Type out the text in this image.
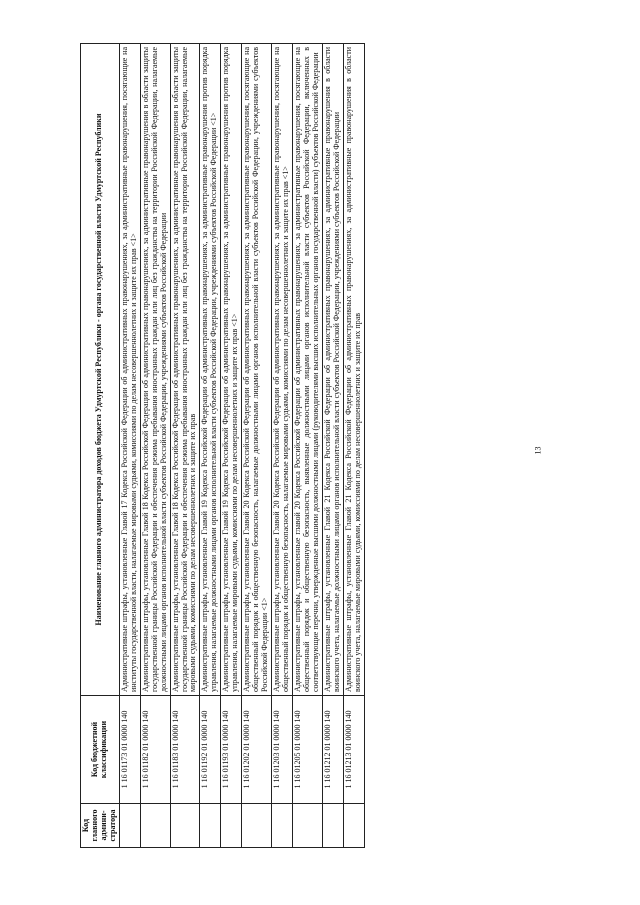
13
Код главного админи-стратора	Код бюджетной классификации	Наименование главного администратора доходов бюджета Удмуртской Республики - органа государственной власти Удмуртской Республики
	1 16 01173 01 0000 140	Административные штрафы, установленные Главой 17 Кодекса Российской Федерации об административных правонарушениях, за административные правонарушения, посягающие на институты государственной власти, налагаемые мировыми судьями, комиссиями по делам несовершеннолетних и защите их прав <1>
	1 16 01182 01 0000 140	Административные штрафы, установленные Главой 18 Кодекса Российской Федерации об административных правонарушениях, за административные правонарушения в области защиты государственной границы Российской Федерации и обеспечения режима пребывания иностранных граждан или лиц без гражданства на территории Российской Федерации, налагаемые должностными лицами органов исполнительной власти субъектов Российской Федерации, учреждениями субъектов Российской Федерации
	1 16 01183 01 0000 140	Административные штрафы, установленные Главой 18 Кодекса Российской Федерации об административных правонарушениях, за административные правонарушения в области защиты государственной границы Российской Федерации и обеспечения режима пребывания иностранных граждан или лиц без гражданства на территории Российской Федерации, налагаемые мировыми судьями, комиссиями по делам несовершеннолетних и защите их прав
	1 16 01192 01 0000 140	Административные штрафы, установленные Главой 19 Кодекса Российской Федерации об административных правонарушениях, за административные правонарушения против порядка управления, налагаемые должностными лицами органов исполнительной власти субъектов Российской Федерации, учреждениями субъектов Российской Федерации <1>
	1 16 01193 01 0000 140	Административные штрафы, установленные Главой 19 Кодекса Российской Федерации об административных правонарушениях, за административные правонарушения против порядка управления, налагаемые мировыми судьями, комиссиями по делам несовершеннолетних и защите их прав <1>
	1 16 01202 01 0000 140	Административные штрафы, установленные Главой 20 Кодекса Российской Федерации об административных правонарушениях, за административные правонарушения, посягающие на общественный порядок и общественную безопасность, налагаемые должностными лицами органов исполнительной власти субъектов Российской Федерации, учреждениями субъектов Российской Федерации <1>
	1 16 01203 01 0000 140	Административные штрафы, установленные Главой 20 Кодекса Российской Федерации об административных правонарушениях, за административные правонарушения, посягающие на общественный порядок и общественную безопасность, налагаемые мировыми судьями, комиссиями по делам несовершеннолетних и защите их прав <1>
	1 16 01205 01 0000 140	Административные штрафы, установленные главой 20 Кодекса Российской Федерации об административных правонарушениях, за административные правонарушения, посягающие на общественный порядок и общественную безопасность, выявленные должностными лицами органов исполнительной власти субъектов Российской Федерации, включенных в соответствующие перечни, утвержденные высшими должностными лицами (руководителями высших исполнительных органов государственной власти) субъектов Российской Федерации
	1 16 01212 01 0000 140	Административные штрафы, установленные Главой 21 Кодекса Российской Федерации об административных правонарушениях, за административные правонарушения в области воинского учета, налагаемые должностными лицами органов исполнительной власти субъектов Российской Федерации, учреждениями субъектов Российской Федерации
	1 16 01213 01 0000 140	Административные штрафы, установленные Главой 21 Кодекса Российской Федерации об административных правонарушениях, за административные правонарушения в области воинского учета, налагаемые мировыми судьями, комиссиями по делам несовершеннолетних и защите их прав
